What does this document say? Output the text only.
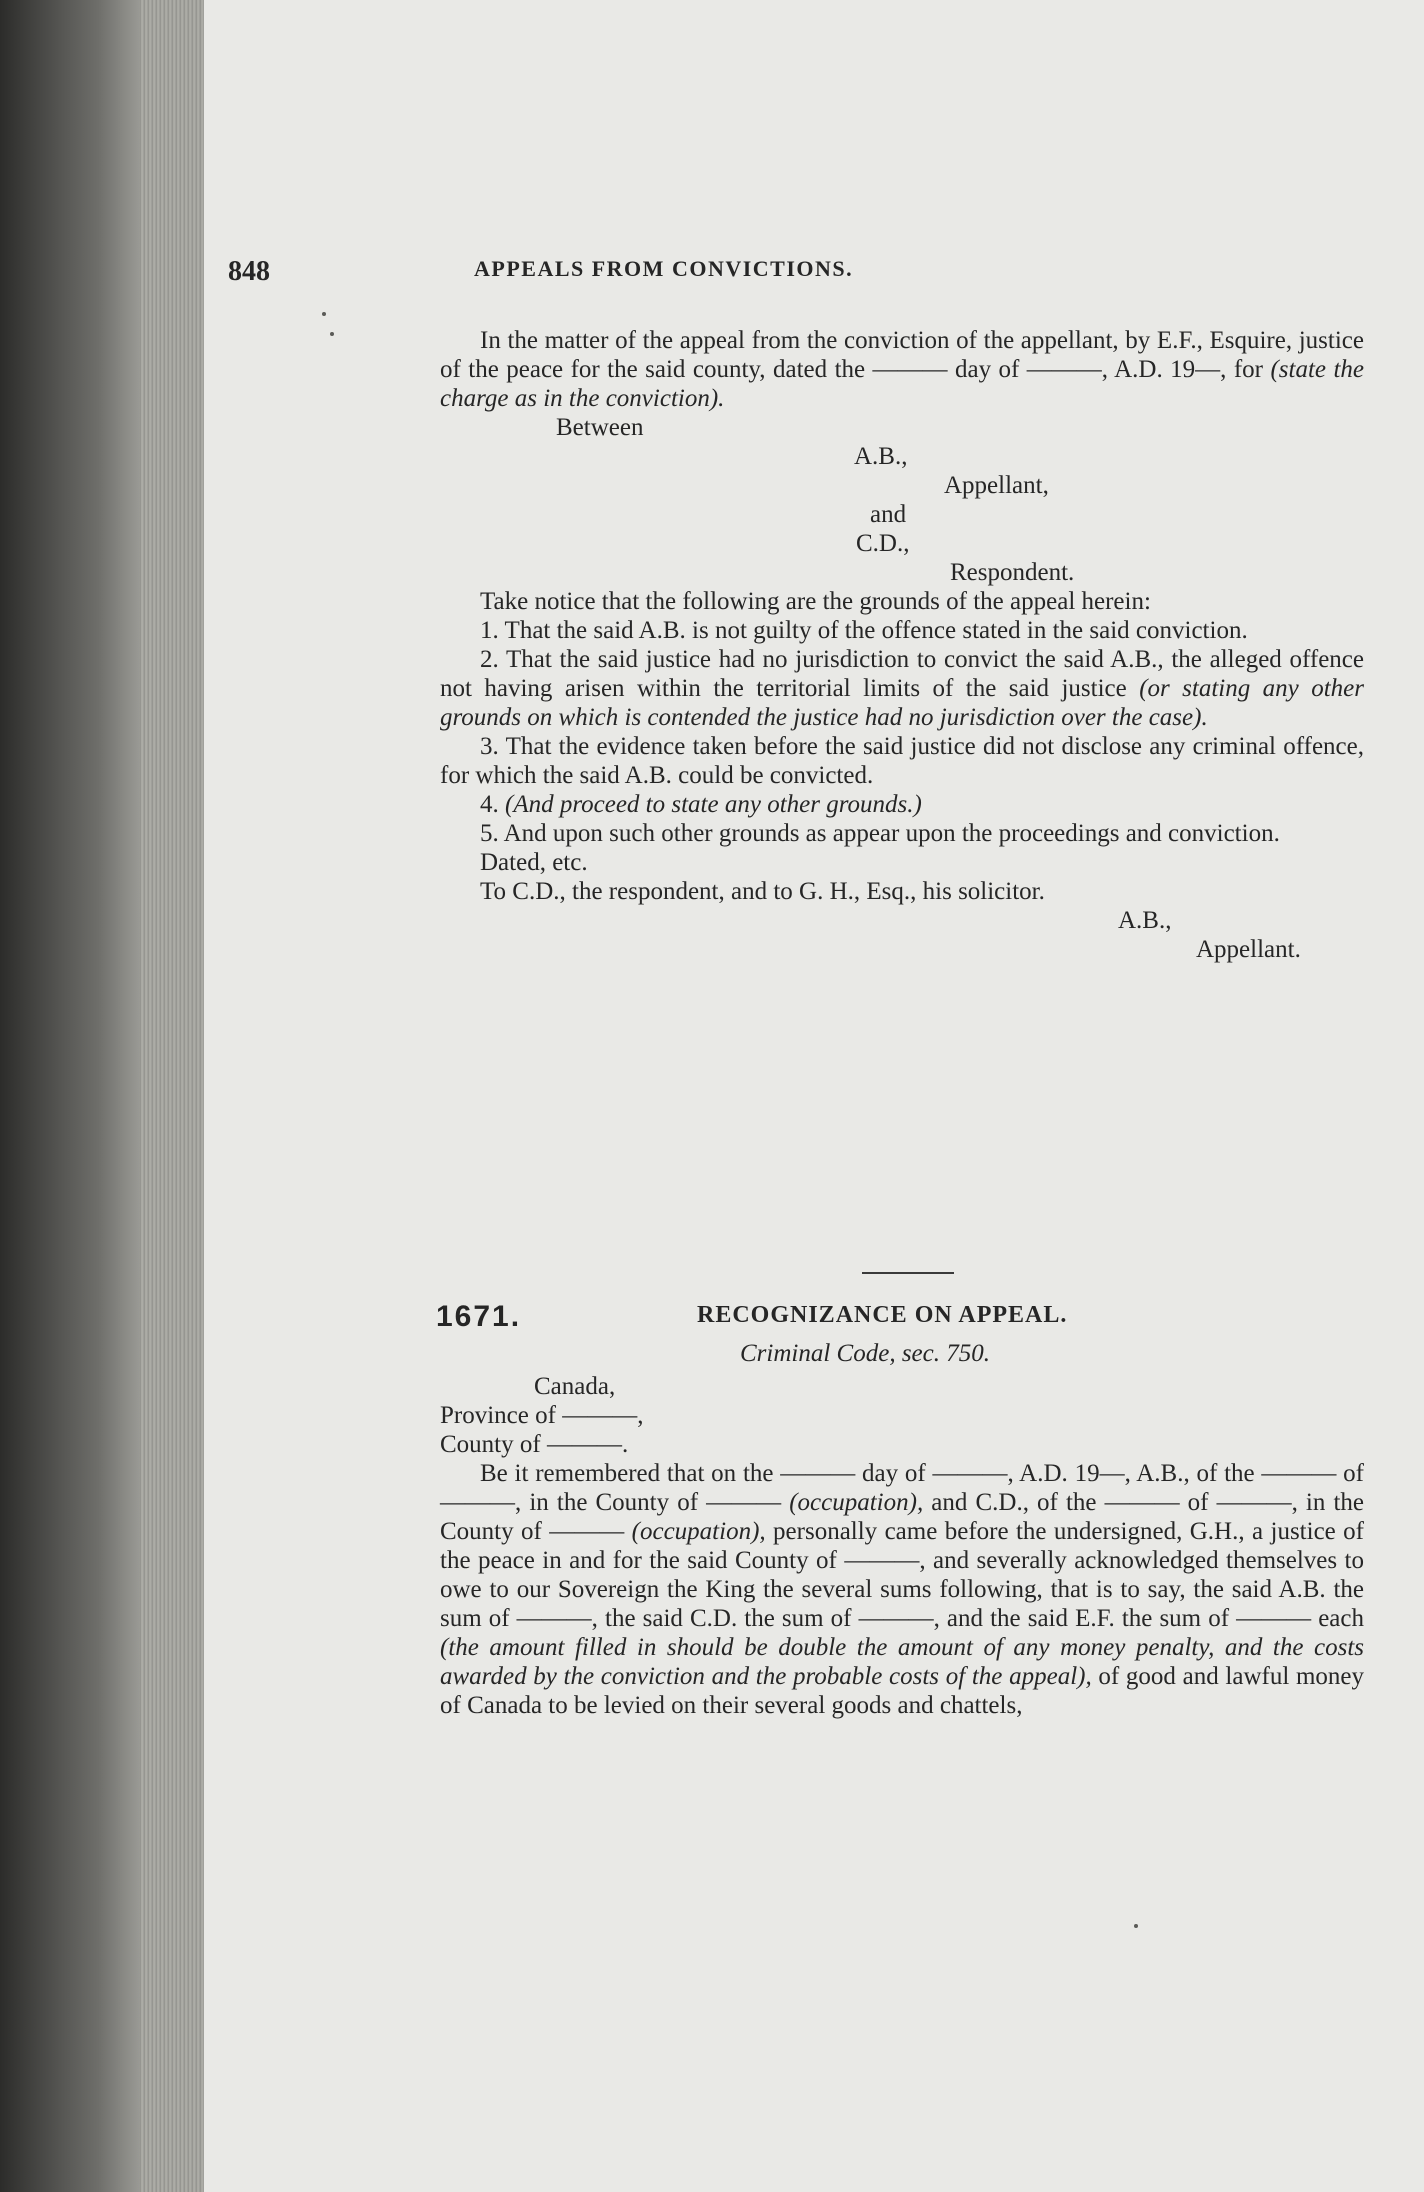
848	APPEALS FROM CONVICTIONS.

In the matter of the appeal from the conviction of the appellant, by E.F., Esquire, justice of the peace for the said county, dated the ——— day of ———, A.D. 19—, for (state the charge as in the conviction).

Between

A.B.,

Appellant,

and

C.D.,

Respondent.

Take notice that the following are the grounds of the appeal herein:

1. That the said A.B. is not guilty of the offence stated in the said conviction.

2. That the said justice had no jurisdiction to convict the said A.B., the alleged offence not having arisen within the territorial limits of the said justice (or stating any other grounds on which is contended the justice had no jurisdiction over the case).

3. That the evidence taken before the said justice did not disclose any criminal offence, for which the said A.B. could be convicted.

4. (And proceed to state any other grounds.)

5. And upon such other grounds as appear upon the proceedings and conviction.

Dated, etc.

To C.D., the respondent, and to G. H., Esq., his solicitor.

A.B.,

Appellant.

1671.	RECOGNIZANCE ON APPEAL.
Criminal Code, sec. 750.

Canada,

Province of ———,

County of ———.

Be it remembered that on the ——— day of ———, A.D. 19—, A.B., of the ——— of ———, in the County of ——— (occupation), and C.D., of the ——— of ———, in the County of ——— (occupation), personally came before the undersigned, G.H., a justice of the peace in and for the said County of ———, and severally acknowledged themselves to owe to our Sovereign the King the several sums following, that is to say, the said A.B. the sum of ———, the said C.D. the sum of ———, and the said E.F. the sum of ——— each (the amount filled in should be double the amount of any money penalty, and the costs awarded by the conviction and the probable costs of the appeal), of good and lawful money of Canada to be levied on their several goods and chattels,
